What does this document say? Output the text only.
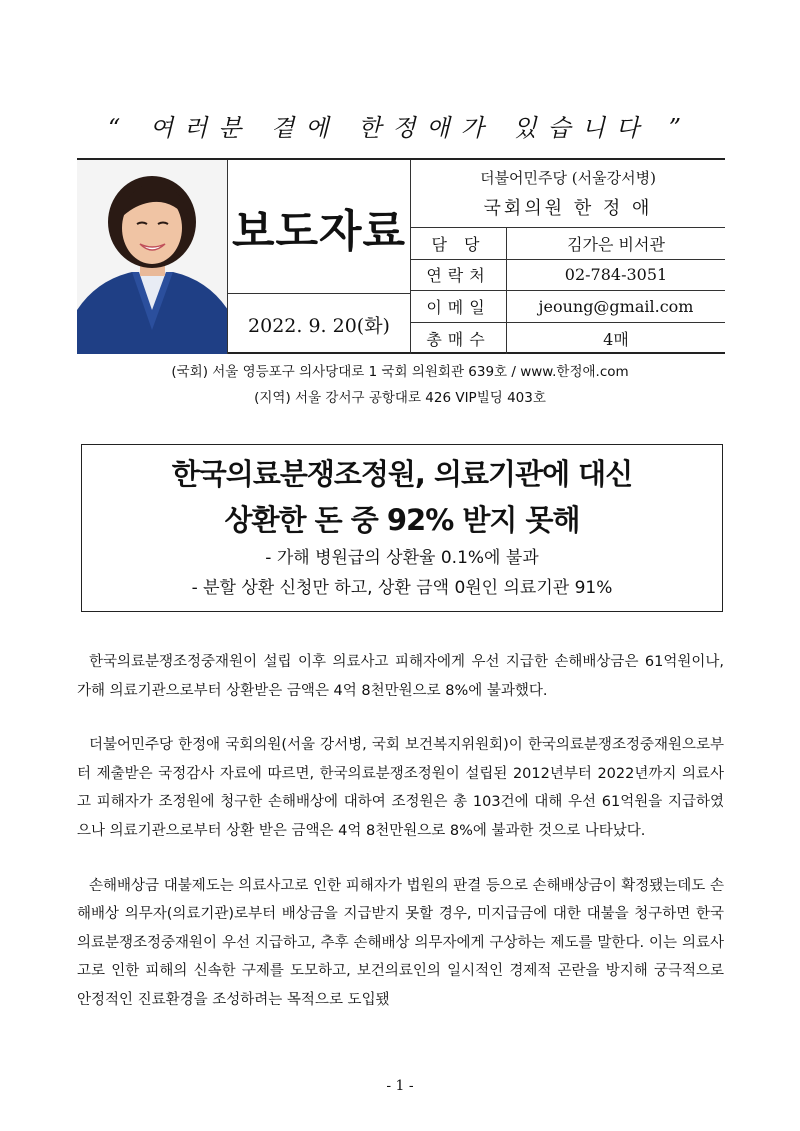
“ 여러분 곁에 한정애가 있습니다 ”
보도자료
2022. 9. 20(화)
더불어민주당 (서울강서병)
국회의원 한 정 애
담 당	김가은 비서관
연락처	02-784-3051
이메일	jeoung@gmail.com
총매수	4매
(국회) 서울 영등포구 의사당대로 1 국회 의원회관 639호 / www.한정애.com
(지역) 서울 강서구 공항대로 426 VIP빌딩 403호
한국의료분쟁조정원, 의료기관에 대신
상환한 돈 중 92% 받지 못해
- 가해 병원급의 상환율 0.1%에 불과
- 분할 상환 신청만 하고, 상환 금액 0원인 의료기관 91%

한국의료분쟁조정중재원이 설립 이후 의료사고 피해자에게 우선 지급한 손해배상금은 61억원이나, 가해 의료기관으로부터 상환받은 금액은 4억 8천만원으로 8%에 불과했다.

더불어민주당 한정애 국회의원(서울 강서병, 국회 보건복지위원회)이 한국의료분쟁조정중재원으로부터 제출받은 국정감사 자료에 따르면, 한국의료분쟁조정원이 설립된 2012년부터 2022년까지 의료사고 피해자가 조정원에 청구한 손해배상에 대하여 조정원은 총 103건에 대해 우선 61억원을 지급하였으나 의료기관으로부터 상환 받은 금액은 4억 8천만원으로 8%에 불과한 것으로 나타났다.

손해배상금 대불제도는 의료사고로 인한 피해자가 법원의 판결 등으로 손해배상금이 확정됐는데도 손해배상 의무자(의료기관)로부터 배상금을 지급받지 못할 경우, 미지급금에 대한 대불을 청구하면 한국의료분쟁조정중재원이 우선 지급하고, 추후 손해배상 의무자에게 구상하는 제도를 말한다. 이는 의료사고로 인한 피해의 신속한 구제를 도모하고, 보건의료인의 일시적인 경제적 곤란을 방지해 궁극적으로 안정적인 진료환경을 조성하려는 목적으로 도입됐

- 1 -
